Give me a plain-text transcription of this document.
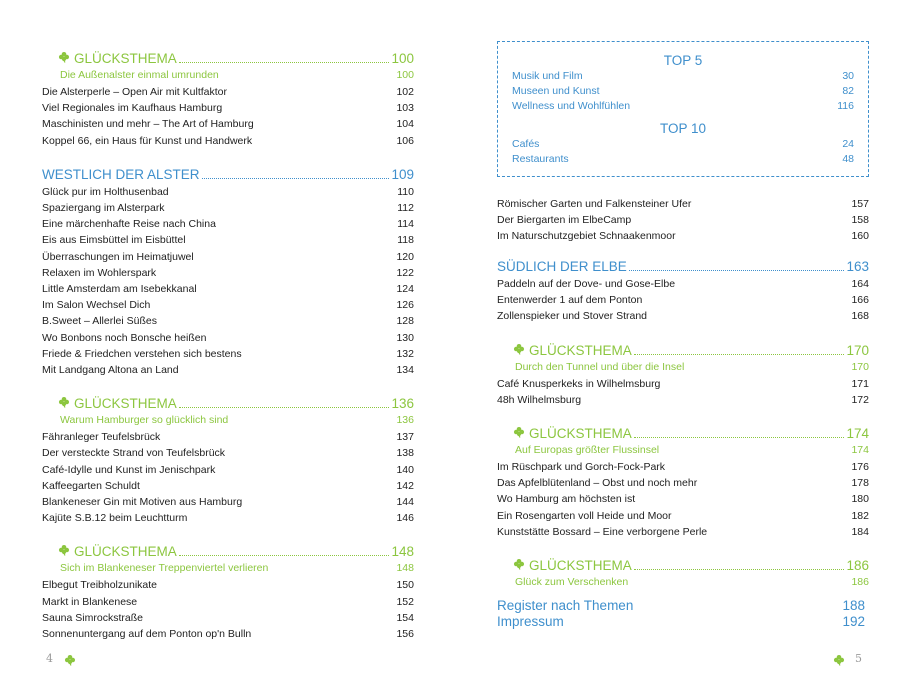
GLÜCKSTHEMA	100
Die Außenalster einmal umrunden	100
Die Alsterperle – Open Air mit Kultfaktor	102
Viel Regionales im Kaufhaus Hamburg	103
Maschinisten und mehr – The Art of Hamburg	104
Koppel 66, ein Haus für Kunst und Handwerk	106
WESTLICH DER ALSTER	109
Glück pur im Holthusenbad	110
Spaziergang im Alsterpark	112
Eine märchenhafte Reise nach China	114
Eis aus Eimsbüttel im Eisbüttel	118
Überraschungen im Heimatjuwel	120
Relaxen im Wohlerspark	122
Little Amsterdam am Isebekkanal	124
Im Salon Wechsel Dich	126
B.Sweet – Allerlei Süßes	128
Wo Bonbons noch Bonsche heißen	130
Friede & Friedchen verstehen sich bestens	132
Mit Landgang Altona an Land	134
GLÜCKSTHEMA	136
Warum Hamburger so glücklich sind	136
Fähranleger Teufelsbrück	137
Der versteckte Strand von Teufelsbrück	138
Café-Idylle und Kunst im Jenischpark	140
Kaffeegarten Schuldt	142
Blankeneser Gin mit Motiven aus Hamburg	144
Kajüte S.B.12 beim Leuchtturm	146
GLÜCKSTHEMA	148
Sich im Blankeneser Treppenviertel verlieren	148
Elbegut Treibholzunikate	150
Markt in Blankenese	152
Sauna Simrockstraße	154
Sonnenuntergang auf dem Ponton op'n Bulln	156
4
TOP 5
Musik und Film	30
Museen und Kunst	82
Wellness und Wohlfühlen	116
TOP 10
Cafés	24
Restaurants	48
Römischer Garten und Falkensteiner Ufer	157
Der Biergarten im ElbeCamp	158
Im Naturschutzgebiet Schnaakenmoor	160
SÜDLICH DER ELBE	163
Paddeln auf der Dove- und Gose-Elbe	164
Entenwerder 1 auf dem Ponton	166
Zollenspieker und Stover Strand	168
GLÜCKSTHEMA	170
Durch den Tunnel und über die Insel	170
Café Knusperkeks in Wilhelmsburg	171
48h Wilhelmsburg	172
GLÜCKSTHEMA	174
Auf Europas größter Flussinsel	174
Im Rüschpark und Gorch-Fock-Park	176
Das Apfelblütenland – Obst und noch mehr	178
Wo Hamburg am höchsten ist	180
Ein Rosengarten voll Heide und Moor	182
Kunststätte Bossard – Eine verborgene Perle	184
GLÜCKSTHEMA	186
Glück zum Verschenken	186
Register nach Themen	188
Impressum	192
5
